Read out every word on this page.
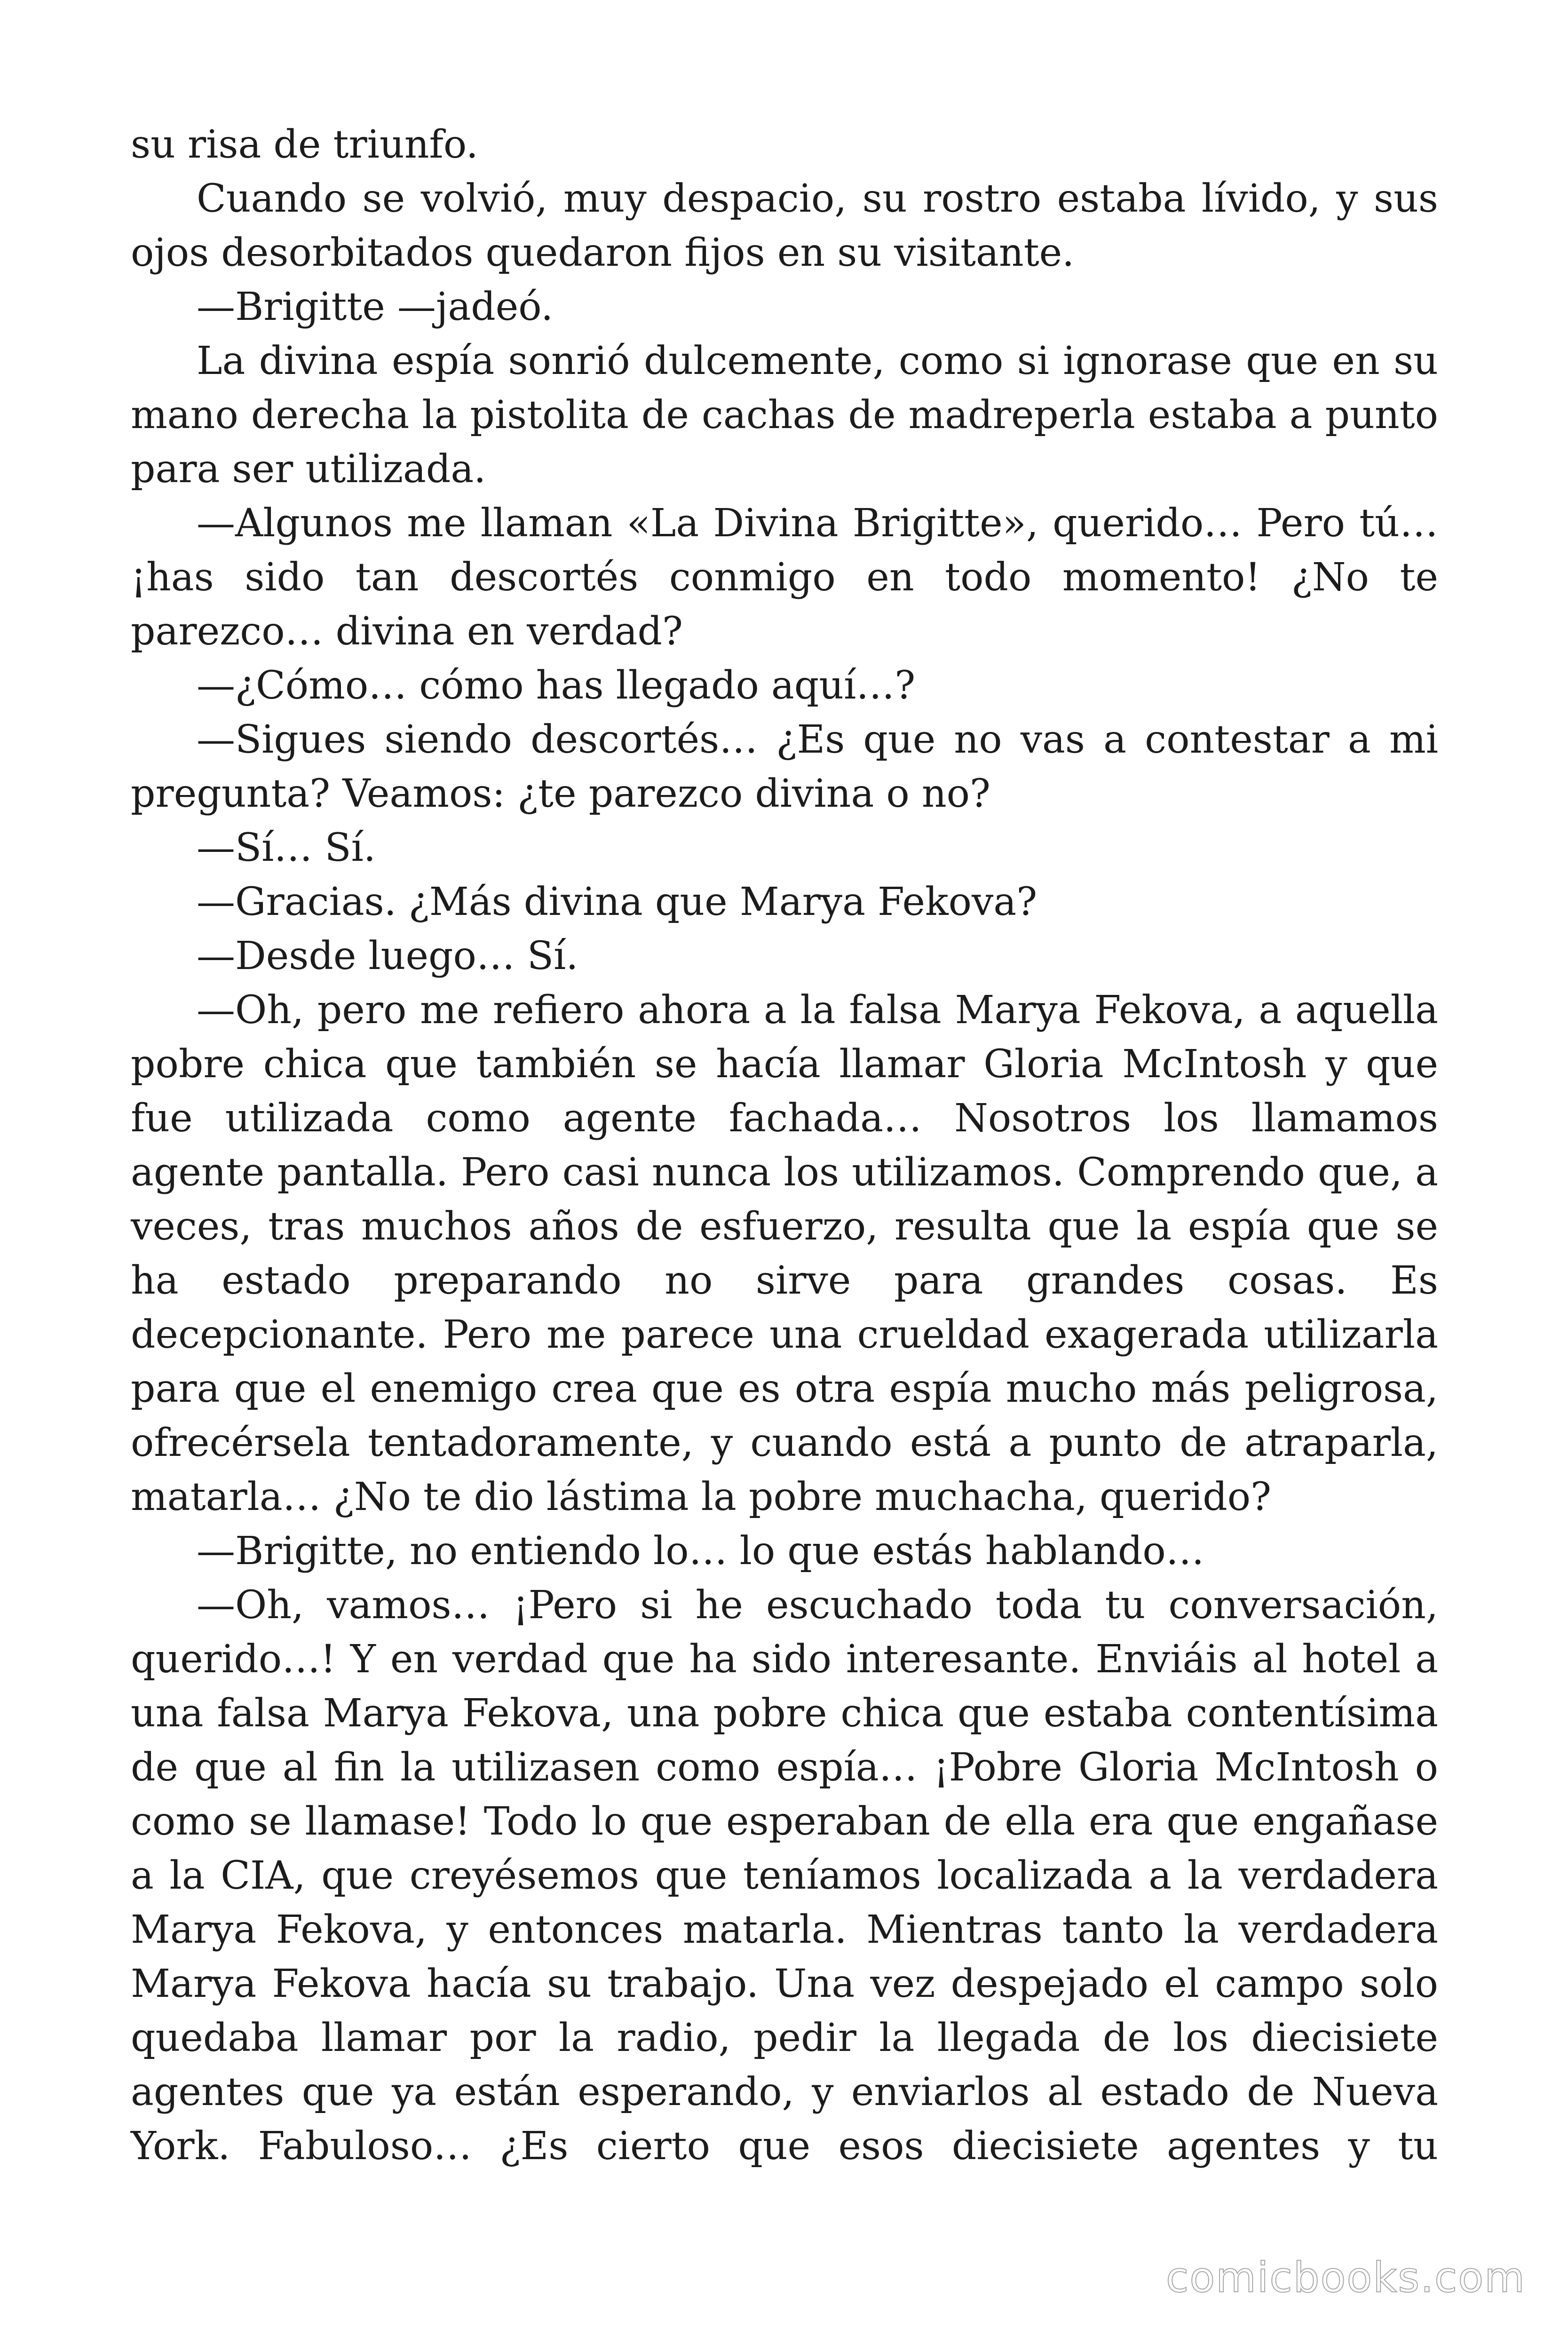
su risa de triunfo.

Cuando se volvió, muy despacio, su rostro estaba lívido, y sus ojos desorbitados quedaron fijos en su visitante.

—Brigitte —jadeó.

La divina espía sonrió dulcemente, como si ignorase que en su mano derecha la pistolita de cachas de madreperla estaba a punto para ser utilizada.

—Algunos me llaman «La Divina Brigitte», querido… Pero tú… ¡has sido tan descortés conmigo en todo momento! ¿No te parezco… divina en verdad?

—¿Cómo… cómo has llegado aquí…?

—Sigues siendo descortés… ¿Es que no vas a contestar a mi pregunta? Veamos: ¿te parezco divina o no?

—Sí… Sí.

—Gracias. ¿Más divina que Marya Fekova?

—Desde luego… Sí.

—Oh, pero me refiero ahora a la falsa Marya Fekova, a aquella pobre chica que también se hacía llamar Gloria McIntosh y que fue utilizada como agente fachada… Nosotros los llamamos agente pantalla. Pero casi nunca los utilizamos. Comprendo que, a veces, tras muchos años de esfuerzo, resulta que la espía que se ha estado preparando no sirve para grandes cosas. Es decepcionante. Pero me parece una crueldad exagerada utilizarla para que el enemigo crea que es otra espía mucho más peligrosa, ofrecérsela tentadoramente, y cuando está a punto de atraparla, matarla… ¿No te dio lástima la pobre muchacha, querido?

—Brigitte, no entiendo lo… lo que estás hablando…

—Oh, vamos… ¡Pero si he escuchado toda tu conversación, querido…! Y en verdad que ha sido interesante. Enviáis al hotel a una falsa Marya Fekova, una pobre chica que estaba contentísima de que al fin la utilizasen como espía… ¡Pobre Gloria McIntosh o como se llamase! Todo lo que esperaban de ella era que engañase a la CIA, que creyésemos que teníamos localizada a la verdadera Marya Fekova, y entonces matarla. Mientras tanto la verdadera Marya Fekova hacía su trabajo. Una vez despejado el campo solo quedaba llamar por la radio, pedir la llegada de los diecisiete agentes que ya están esperando, y enviarlos al estado de Nueva York. Fabuloso… ¿Es cierto que esos diecisiete agentes y tu

comicbooks.com
